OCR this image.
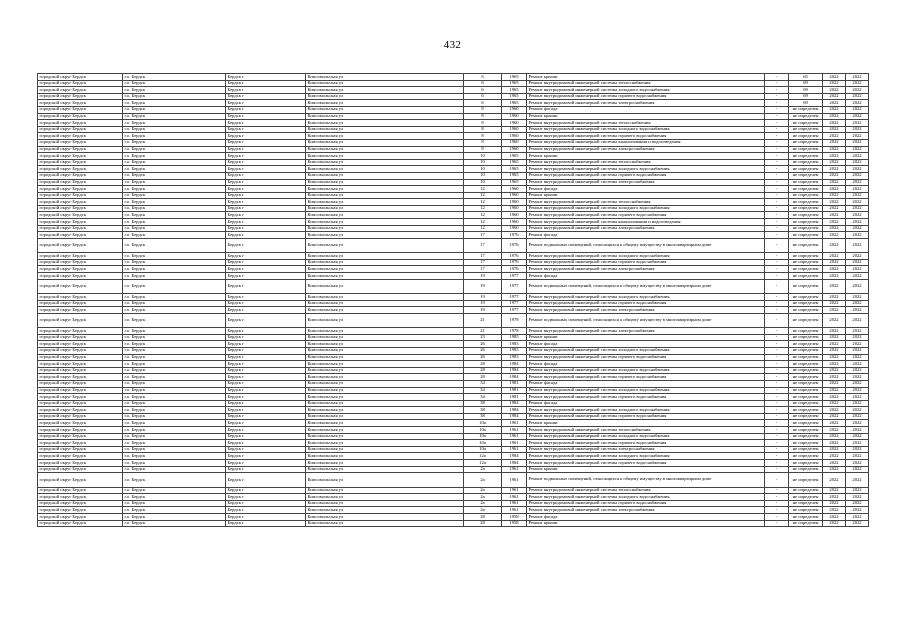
432
городской округ Бердск	г.о. Бердск	Бердск г	Комсомольская ул	6	1965	Ремонт крыши	-	65	2022	2022
городской округ Бердск	г.о. Бердск	Бердск г	Комсомольская ул	6	1965	Ремонт внутридомовой инженерной системы теплоснабжения	-	69	2022	2022
городской округ Бердск	г.о. Бердск	Бердск г	Комсомольская ул	6	1965	Ремонт внутридомовой инженерной системы холодного водоснабжения	-	69	2022	2022
городской округ Бердск	г.о. Бердск	Бердск г	Комсомольская ул	6	1965	Ремонт внутридомовой инженерной системы горячего водоснабжения	-	69	2022	2022
городской округ Бердск	г.о. Бердск	Бердск г	Комсомольская ул	6	1965	Ремонт внутридомовой инженерной системы электроснабжения	-	69	2022	2022
городской округ Бердск	г.о. Бердск	Бердск г	Комсомольская ул	8	1960	Ремонт фасада	-	не определен	2022	2022
городской округ Бердск	г.о. Бердск	Бердск г	Комсомольская ул	8	1960	Ремонт крыши	-	не определен	2022	2022
городской округ Бердск	г.о. Бердск	Бердск г	Комсомольская ул	8	1960	Ремонт внутридомовой инженерной системы теплоснабжения	-	не определен	2022	2022
городской округ Бердск	г.о. Бердск	Бердск г	Комсомольская ул	8	1960	Ремонт внутридомовой инженерной системы холодного водоснабжения	-	не определен	2022	2022
городской округ Бердск	г.о. Бердск	Бердск г	Комсомольская ул	8	1960	Ремонт внутридомовой инженерной системы горячего водоснабжения	-	не определен	2022	2022
городской округ Бердск	г.о. Бердск	Бердск г	Комсомольская ул	8	1960	Ремонт внутридомовой инженерной системы канализования и водоотведения	-	не определен	2022	2022
городской округ Бердск	г.о. Бердск	Бердск г	Комсомольская ул	8	1960	Ремонт внутридомовой инженерной системы электроснабжения	-	не определен	2022	2022
городской округ Бердск	г.о. Бердск	Бердск г	Комсомольская ул	10	1965	Ремонт крыши	-	не определен	2022	2022
городской округ Бердск	г.о. Бердск	Бердск г	Комсомольская ул	10	1965	Ремонт внутридомовой инженерной системы теплоснабжения	-	не определен	2022	2022
городской округ Бердск	г.о. Бердск	Бердск г	Комсомольская ул	10	1965	Ремонт внутридомовой инженерной системы холодного водоснабжения	-	не определен	2022	2022
городской округ Бердск	г.о. Бердск	Бердск г	Комсомольская ул	10	1965	Ремонт внутридомовой инженерной системы горячего водоснабжения	-	не определен	2022	2022
городской округ Бердск	г.о. Бердск	Бердск г	Комсомольская ул	10	1965	Ремонт внутридомовой инженерной системы электроснабжения	-	не определен	2022	2022
городской округ Бердск	г.о. Бердск	Бердск г	Комсомольская ул	12	1960	Ремонт фасада	-	не определен	2022	2022
городской округ Бердск	г.о. Бердск	Бердск г	Комсомольская ул	12	1960	Ремонт крыши	-	не определен	2022	2022
городской округ Бердск	г.о. Бердск	Бердск г	Комсомольская ул	12	1960	Ремонт внутридомовой инженерной системы теплоснабжения	-	не определен	2022	2022
городской округ Бердск	г.о. Бердск	Бердск г	Комсомольская ул	12	1960	Ремонт внутридомовой инженерной системы холодного водоснабжения	-	не определен	2022	2022
городской округ Бердск	г.о. Бердск	Бердск г	Комсомольская ул	12	1960	Ремонт внутридомовой инженерной системы горячего водоснабжения	-	не определен	2022	2022
городской округ Бердск	г.о. Бердск	Бердск г	Комсомольская ул	12	1960	Ремонт внутридомовой инженерной системы канализования и водоотведения	-	не определен	2022	2022
городской округ Бердск	г.о. Бердск	Бердск г	Комсомольская ул	12	1960	Ремонт внутридомовой инженерной системы электроснабжения	-	не определен	2022	2022
городской округ Бердск	г.о. Бердск	Бердск г	Комсомольская ул	17	1976	Ремонт фасада	-	не определен	2022	2022
городской округ Бердск	г.о. Бердск	Бердск г	Комсомольская ул	17	1976	Ремонт подвальных помещений, относящихся к общему имуществу в многоквартирном доме	-	не определен	2022	2022
городской округ Бердск	г.о. Бердск	Бердск г	Комсомольская ул	17	1976	Ремонт внутридомовой инженерной системы холодного водоснабжения	-	не определен	2022	2022
городской округ Бердск	г.о. Бердск	Бердск г	Комсомольская ул	17	1976	Ремонт внутридомовой инженерной системы горячего водоснабжения	-	не определен	2022	2022
городской округ Бердск	г.о. Бердск	Бердск г	Комсомольская ул	17	1976	Ремонт внутридомовой инженерной системы электроснабжения	-	не определен	2022	2022
городской округ Бердск	г.о. Бердск	Бердск г	Комсомольская ул	19	1977	Ремонт фасада	-	не определен	2022	2022
городской округ Бердск	г.о. Бердск	Бердск г	Комсомольская ул	19	1977	Ремонт подвальных помещений, относящихся к общему имуществу в многоквартирном доме	-	не определен	2022	2022
городской округ Бердск	г.о. Бердск	Бердск г	Комсомольская ул	19	1977	Ремонт внутридомовой инженерной системы холодного водоснабжения	-	не определен	2022	2022
городской округ Бердск	г.о. Бердск	Бердск г	Комсомольская ул	19	1977	Ремонт внутридомовой инженерной системы горячего водоснабжения	-	не определен	2022	2022
городской округ Бердск	г.о. Бердск	Бердск г	Комсомольская ул	19	1977	Ремонт внутридомовой инженерной системы электроснабжения	-	не определен	2022	2022
городской округ Бердск	г.о. Бердск	Бердск г	Комсомольская ул	21	1978	Ремонт подвальных помещений, относящихся к общему имуществу в многоквартирном доме	-	не определен	2022	2022
городской округ Бердск	г.о. Бердск	Бердск г	Комсомольская ул	21	1978	Ремонт внутридомовой инженерной системы электроснабжения	-	не определен	2022	2022
городской округ Бердск	г.о. Бердск	Бердск г	Комсомольская ул	23	1985	Ремонт крыши	-	не определен	2022	2022
городской округ Бердск	г.о. Бердск	Бердск г	Комсомольская ул	26	1983	Ремонт фасада	-	не определен	2022	2022
городской округ Бердск	г.о. Бердск	Бердск г	Комсомольская ул	26	1983	Ремонт внутридомовой инженерной системы холодного водоснабжения	-	не определен	2022	2022
городской округ Бердск	г.о. Бердск	Бердск г	Комсомольская ул	26	1983	Ремонт внутридомовой инженерной системы горячего водоснабжения	-	не определен	2022	2022
городской округ Бердск	г.о. Бердск	Бердск г	Комсомольская ул	28	1984	Ремонт фасада	-	не определен	2022	2022
городской округ Бердск	г.о. Бердск	Бердск г	Комсомольская ул	28	1984	Ремонт внутридомовой инженерной системы холодного водоснабжения	-	не определен	2022	2022
городской округ Бердск	г.о. Бердск	Бердск г	Комсомольская ул	28	1984	Ремонт внутридомовой инженерной системы горячего водоснабжения	-	не определен	2022	2022
городской округ Бердск	г.о. Бердск	Бердск г	Комсомольская ул	34	1981	Ремонт фасада	-	не определен	2022	2022
городской округ Бердск	г.о. Бердск	Бердск г	Комсомольская ул	34	1981	Ремонт внутридомовой инженерной системы холодного водоснабжения	-	не определен	2022	2022
городской округ Бердск	г.о. Бердск	Бердск г	Комсомольская ул	34	1981	Ремонт внутридомовой инженерной системы горячего водоснабжения	-	не определен	2022	2022
городской округ Бердск	г.о. Бердск	Бердск г	Комсомольская ул	38	1984	Ремонт фасада	-	не определен	2022	2022
городской округ Бердск	г.о. Бердск	Бердск г	Комсомольская ул	38	1984	Ремонт внутридомовой инженерной системы холодного водоснабжения	-	не определен	2022	2022
городской округ Бердск	г.о. Бердск	Бердск г	Комсомольская ул	38	1984	Ремонт внутридомовой инженерной системы горячего водоснабжения	-	не определен	2022	2022
городской округ Бердск	г.о. Бердск	Бердск г	Комсомольская ул	10а	1961	Ремонт крыши	-	не определен	2022	2022
городской округ Бердск	г.о. Бердск	Бердск г	Комсомольская ул	10а	1961	Ремонт внутридомовой инженерной системы теплоснабжения	-	не определен	2022	2022
городской округ Бердск	г.о. Бердск	Бердск г	Комсомольская ул	10а	1961	Ремонт внутридомовой инженерной системы холодного водоснабжения	-	не определен	2022	2022
городской округ Бердск	г.о. Бердск	Бердск г	Комсомольская ул	10а	1961	Ремонт внутридомовой инженерной системы горячего водоснабжения	-	не определен	2022	2022
городской округ Бердск	г.о. Бердск	Бердск г	Комсомольская ул	10а	1961	Ремонт внутридомовой инженерной системы электроснабжения	-	не определен	2022	2022
городской округ Бердск	г.о. Бердск	Бердск г	Комсомольская ул	12а	1984	Ремонт внутридомовой инженерной системы холодного водоснабжения	-	не определен	2022	2022
городской округ Бердск	г.о. Бердск	Бердск г	Комсомольская ул	12а	1984	Ремонт внутридомовой инженерной системы горячего водоснабжения	-	не определен	2022	2022
городской округ Бердск	г.о. Бердск	Бердск г	Комсомольская ул	2а	1961	Ремонт крыши	-	не определен	2022	2022
городской округ Бердск	г.о. Бердск	Бердск г	Комсомольская ул	2а	1961	Ремонт подвальных помещений, относящихся к общему имуществу в многоквартирном доме	-	не определен	2022	2022
городской округ Бердск	г.о. Бердск	Бердск г	Комсомольская ул	2а	1961	Ремонт внутридомовой инженерной системы теплоснабжения	-	не определен	2022	2022
городской округ Бердск	г.о. Бердск	Бердск г	Комсомольская ул	2а	1961	Ремонт внутридомовой инженерной системы холодного водоснабжения	-	не определен	2022	2022
городской округ Бердск	г.о. Бердск	Бердск г	Комсомольская ул	2а	1961	Ремонт внутридомовой инженерной системы горячего водоснабжения	-	не определен	2022	2022
городской округ Бердск	г.о. Бердск	Бердск г	Комсомольская ул	2а	1961	Ремонт внутридомовой инженерной системы электроснабжения	-	не определен	2022	2022
городской округ Бердск	г.о. Бердск	Бердск г	Комсомольская ул	28	1958	Ремонт фасада	-	не определен	2022	2022
городской округ Бердск	г.о. Бердск	Бердск г	Комсомольская ул	28	1958	Ремонт крыши	-	не определен	2022	2022
